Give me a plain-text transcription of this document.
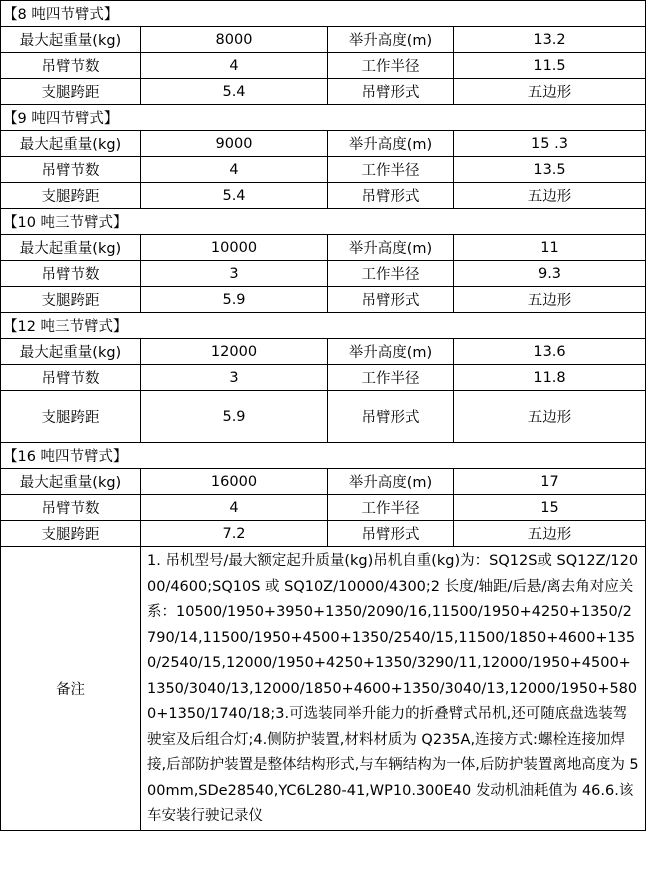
【8 吨四节臂式】			
最大起重量(kg)	8000	举升高度(m)	13.2
吊臂节数	4	工作半径	11.5
支腿跨距	5.4	吊臂形式	五边形
【9 吨四节臂式】			
最大起重量(kg)	9000	举升高度(m)	15 .3
吊臂节数	4	工作半径	13.5
支腿跨距	5.4	吊臂形式	五边形
【10 吨三节臂式】			
最大起重量(kg)	10000	举升高度(m)	11
吊臂节数	3	工作半径	9.3
支腿跨距	5.9	吊臂形式	五边形
【12 吨三节臂式】			
最大起重量(kg)	12000	举升高度(m)	13.6
吊臂节数	3	工作半径	11.8
支腿跨距	5.9	吊臂形式	五边形
【16 吨四节臂式】			
最大起重量(kg)	16000	举升高度(m)	17
吊臂节数	4	工作半径	15
支腿跨距	7.2	吊臂形式	五边形
备注	1. 吊机型号/最大额定起升质量(kg)吊机自重(kg)为：SQ12S或 SQ12Z/12000/4600;SQ10S 或 SQ10Z/10000/4300;2 长度/轴距/后悬/离去角对应关系：10500/1950+3950+1350/2090/16,11500/1950+4250+1350/2790/14,11500/1950+4500+1350/2540/15,11500/1850+4600+1350/2540/15,12000/1950+4250+1350/3290/11,12000/1950+4500+1350/3040/13,12000/1850+4600+1350/3040/13,12000/1950+5800+1350/1740/18;3.可选装同举升能力的折叠臂式吊机,还可随底盘选装驾驶室及后组合灯;4.侧防护装置,材料材质为 Q235A,连接方式:螺栓连接加焊接,后部防护装置是整体结构形式,与车辆结构为一体,后防护装置离地高度为 500mm,SDe28540,YC6L280-41,WP10.300E40 发动机油耗值为 46.6.该车安装行驶记录仪		
